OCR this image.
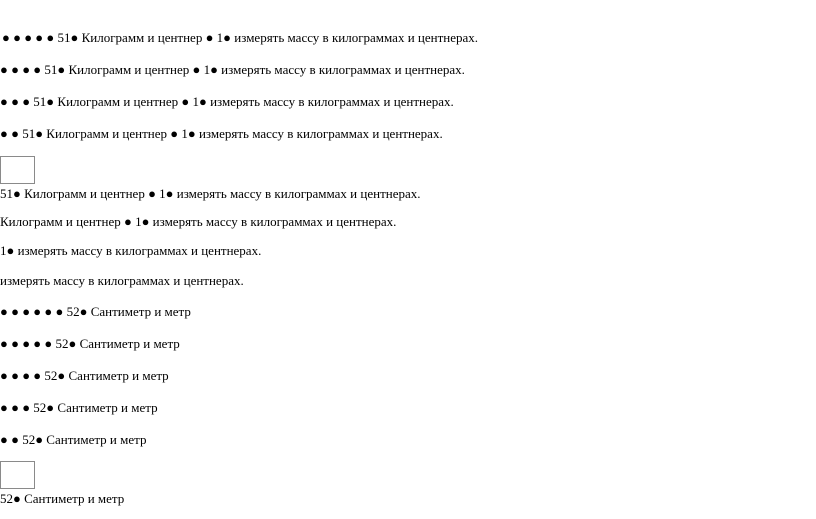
● ● ● ● ● 51● Килограмм и центнер ● 1● измерять массу в килограммах и центнерах.
● ● ● ● 51● Килограмм и центнер ● 1● измерять массу в килограммах и центнерах.
● ● ● 51● Килограмм и центнер ● 1● измерять массу в килограммах и центнерах.
● ● 51● Килограмм и центнер ● 1● измерять массу в килограммах и центнерах.
51● Килограмм и центнер ● 1● измерять массу в килограммах и центнерах.
Килограмм и центнер ● 1● измерять массу в килограммах и центнерах.
1● измерять массу в килограммах и центнерах.
измерять массу в килограммах и центнерах.
● ● ● ● ● ● 52● Сантиметр и метр
● ● ● ● ● 52● Сантиметр и метр
● ● ● ● 52● Сантиметр и метр
● ● ● 52● Сантиметр и метр
● ● 52● Сантиметр и метр
52● Сантиметр и метр
